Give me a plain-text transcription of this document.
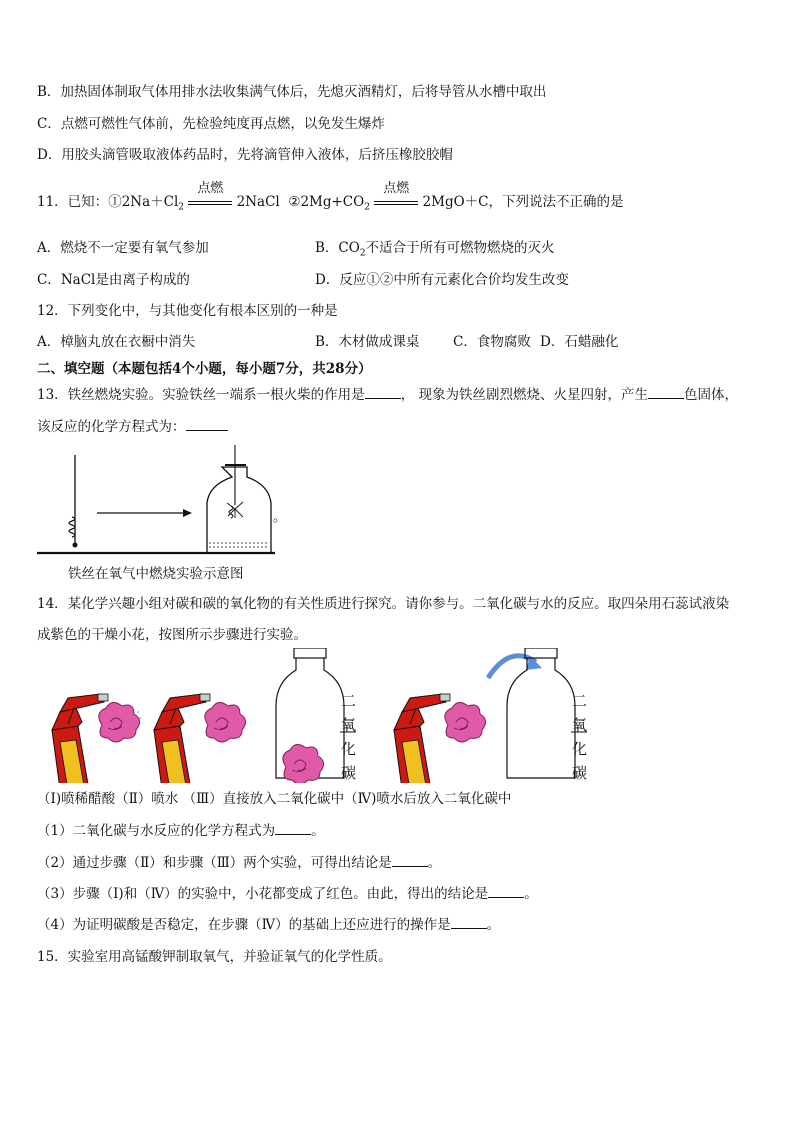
B．加热固体制取气体用排水法收集满气体后，先熄灭酒精灯，后将导管从水槽中取出
C．点燃可燃性气体前，先检验纯度再点燃，以免发生爆炸
D．用胶头滴管吸取液体药品时，先将滴管伸入液体，后挤压橡胶胶帽
11．已知：$①2Na+Cl_2$
点燃
2NaCl $②2Mg+CO_2$
点燃
2MgO＋C，下列说法不正确的是
A．燃烧不一定要有氧气参加	B．$CO_2$不适合于所有可燃物燃烧的灭火
C．NaCl是由离子构成的	D．反应①②中所有元素化合价均发生改变
12．下列变化中，与其他变化有根本区别的一种是
A．樟脑丸放在衣橱中消失	B．木材做成课桌 C．食物腐败 D．石蜡融化
二、填空题（本题包括4个小题，每小题7分，共28分）
13．铁丝燃烧实验。实验铁丝一端系一根火柴的作用是	， 现象为铁丝剧烈燃烧、火星四射，产生	色固体，
该反应的化学方程式为：
。
铁丝在氧气中燃烧实验示意图
14．某化学兴趣小组对碳和碳的氧化物的有关性质进行探究。请你参与。二氧化碳与水的反应。取四朵用石蕊试液染
成紫色的干燥小花，按图所示步骤进行实验。
二
氧
化
碳
二
氧
化
碳
（Ⅰ)喷稀醋酸（Ⅱ）喷水 （Ⅲ）直接放入二氧化碳中（Ⅳ)喷水后放入二氧化碳中
（1）二氧化碳与水反应的化学方程式为	。
（2）通过步骤（Ⅱ）和步骤（Ⅲ）两个实验，可得出结论是	。
（3）步骤（Ⅰ)和（Ⅳ）的实验中，小花都变成了红色。由此，得出的结论是	。
（4）为证明碳酸是否稳定，在步骤（Ⅳ）的基础上还应进行的操作是	。
15．实验室用高锰酸钾制取氧气，并验证氧气的化学性质。
